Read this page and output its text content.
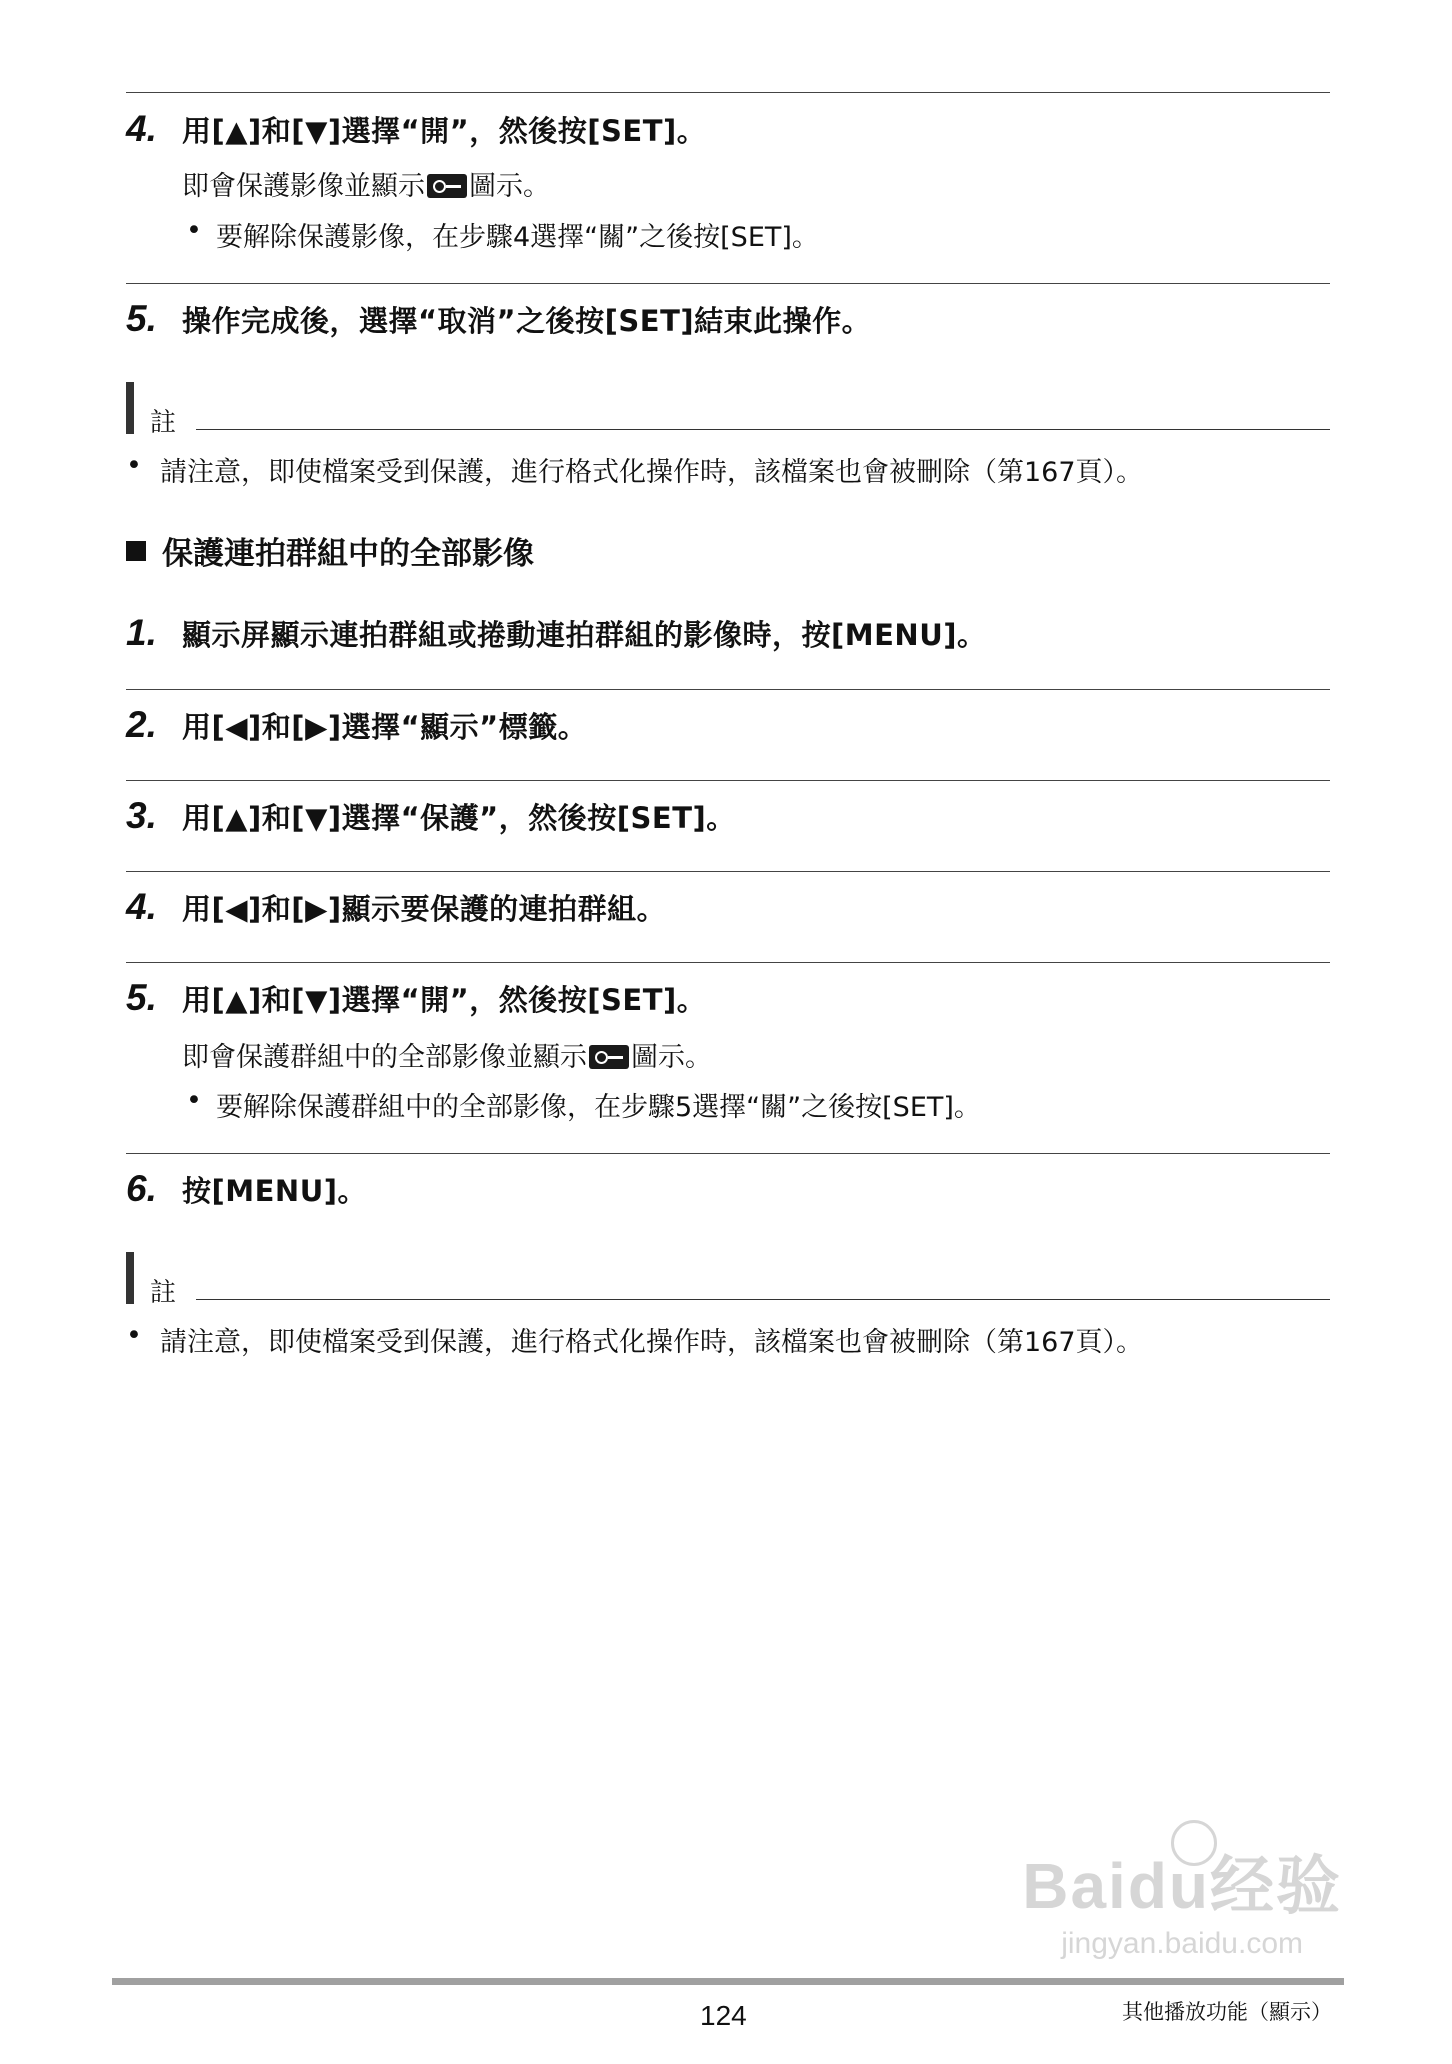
4. 用[▲]和[▼]選擇“開”，然後按[SET]。
即會保護影像並顯示 圖示。
• 要解除保護影像，在步驟4選擇“關”之後按[SET]。
5. 操作完成後，選擇“取消”之後按[SET]結束此操作。
註
• 請注意，即使檔案受到保護，進行格式化操作時，該檔案也會被刪除（第167頁）。
保護連拍群組中的全部影像
1. 顯示屏顯示連拍群組或捲動連拍群組的影像時，按[MENU]。
2. 用[◀]和[▶]選擇“顯示”標籤。
3. 用[▲]和[▼]選擇“保護”，然後按[SET]。
4. 用[◀]和[▶]顯示要保護的連拍群組。
5. 用[▲]和[▼]選擇“開”，然後按[SET]。
即會保護群組中的全部影像並顯示 圖示。
• 要解除保護群組中的全部影像，在步驟5選擇“關”之後按[SET]。
6. 按[MENU]。
註
• 請注意，即使檔案受到保護，進行格式化操作時，該檔案也會被刪除（第167頁）。
Baidu经验
jingyan.baidu.com
124	其他播放功能（顯示）
